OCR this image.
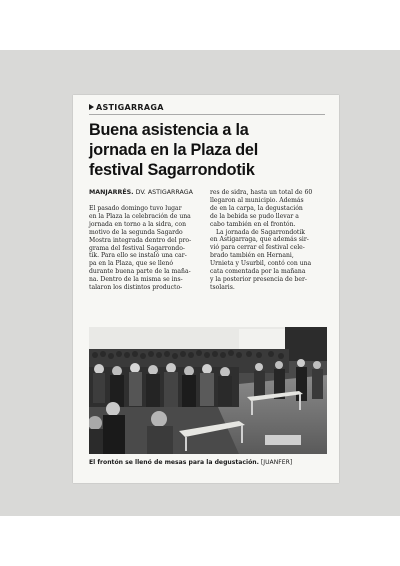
ASTIGARRAGA
Buena asistencia a la
jornada en la Plaza del
festival Sagarrondotik
MANJARRÉS. DV. ASTIGARRAGA
El pasado domingo tuvo lugar
en la Plaza la celebración de una
jornada en torno a la sidra, con
motivo de la segunda Sagardo
Mostra integrada dentro del pro-
grama del festival Sagarrondo-
tik. Para ello se instaló una car-
pa en la Plaza, que se llenó
durante buena parte de la maña-
na. Dentro de la misma se ins-
talaron los distintos producto-
res de sidra, hasta un total de 60
llegaron al municipio. Además
de en la carpa, la degustación
de la bebida se pudo llevar a
cabo también en el frontón.
La jornada de Sagarrondotik
en Astigarraga, que además sir-
vió para cerrar el festival cele-
brado también en Hernani,
Urnieta y Usurbil, contó con una
cata comentada por la mañana
y la posterior presencia de ber-
tsolaris.
El frontón se llenó de mesas para la degustación. [JUANFER]
